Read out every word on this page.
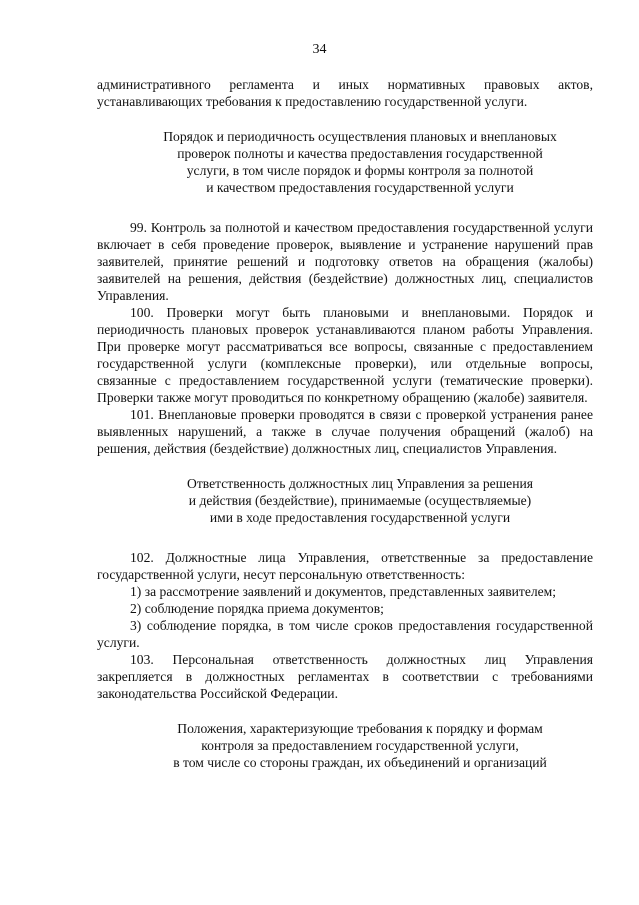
34

административного регламента и иных нормативных правовых актов, устанавливающих требования к предоставлению государственной услуги.

Порядок и периодичность осуществления плановых и внеплановых
проверок полноты и качества предоставления государственной
услуги, в том числе порядок и формы контроля за полнотой
и качеством предоставления государственной услуги

99. Контроль за полнотой и качеством предоставления государственной услуги включает в себя проведение проверок, выявление и устранение нарушений прав заявителей, принятие решений и подготовку ответов на обращения (жалобы) заявителей на решения, действия (бездействие) должностных лиц, специалистов Управления.

100. Проверки могут быть плановыми и внеплановыми. Порядок и периодичность плановых проверок устанавливаются планом работы Управления. При проверке могут рассматриваться все вопросы, связанные с предоставлением государственной услуги (комплексные проверки), или отдельные вопросы, связанные с предоставлением государственной услуги (тематические проверки). Проверки также могут проводиться по конкретному обращению (жалобе) заявителя.

101. Внеплановые проверки проводятся в связи с проверкой устранения ранее выявленных нарушений, а также в случае получения обращений (жалоб) на решения, действия (бездействие) должностных лиц, специалистов Управления.

Ответственность должностных лиц Управления за решения
и действия (бездействие), принимаемые (осуществляемые)
ими в ходе предоставления государственной услуги

102. Должностные лица Управления, ответственные за предоставление государственной услуги, несут персональную ответственность:

1) за рассмотрение заявлений и документов, представленных заявителем;

2) соблюдение порядка приема документов;

3) соблюдение порядка, в том числе сроков предоставления государственной услуги.

103. Персональная ответственность должностных лиц Управления закрепляется в должностных регламентах в соответствии с требованиями законодательства Российской Федерации.

Положения, характеризующие требования к порядку и формам
контроля за предоставлением государственной услуги,
в том числе со стороны граждан, их объединений и организаций
